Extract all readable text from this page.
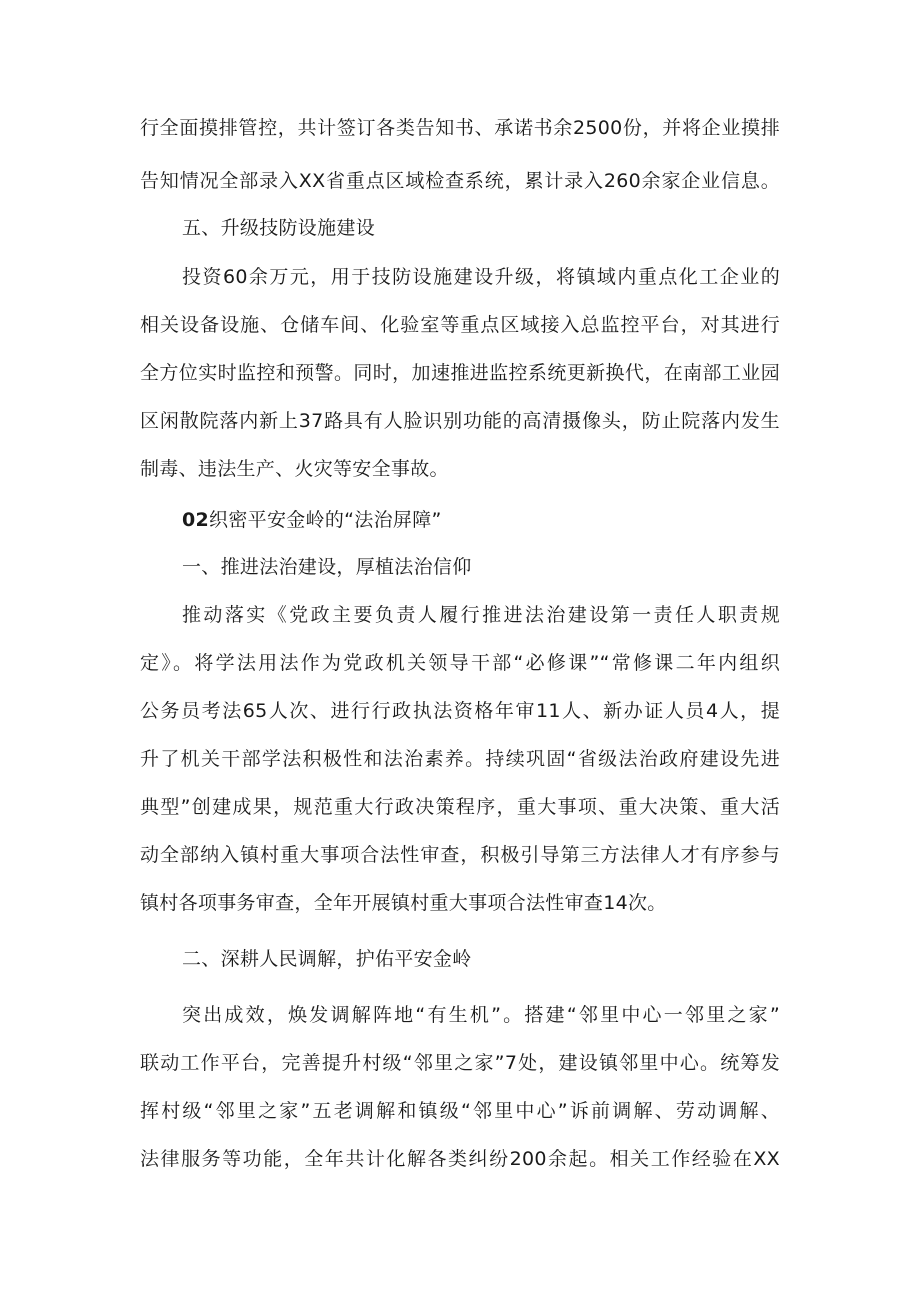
行全面摸排管控，共计签订各类告知书、承诺书余2500份，并将企业摸排
告知情况全部录入XX省重点区域检查系统，累计录入260余家企业信息。
五、升级技防设施建设
投资60余万元，用于技防设施建设升级，将镇域内重点化工企业的
相关设备设施、仓储车间、化验室等重点区域接入总监控平台，对其进行
全方位实时监控和预警。同时，加速推进监控系统更新换代，在南部工业园
区闲散院落内新上37路具有人脸识别功能的高清摄像头，防止院落内发生
制毒、违法生产、火灾等安全事故。
02织密平安金岭的“法治屏障”
一、推进法治建设，厚植法治信仰
推动落实《党政主要负责人履行推进法治建设第一责任人职责规
定》。将学法用法作为党政机关领导干部“必修课”“常修课二年内组织
公务员考法65人次、进行行政执法资格年审11人、新办证人员4人，提
升了机关干部学法积极性和法治素养。持续巩固“省级法治政府建设先进
典型”创建成果，规范重大行政决策程序，重大事项、重大决策、重大活
动全部纳入镇村重大事项合法性审查，积极引导第三方法律人才有序参与
镇村各项事务审查，全年开展镇村重大事项合法性审查14次。
二、深耕人民调解，护佑平安金岭
突出成效，焕发调解阵地“有生机”。搭建“邻里中心一邻里之家”
联动工作平台，完善提升村级“邻里之家”7处，建设镇邻里中心。统筹发
挥村级“邻里之家”五老调解和镇级“邻里中心”诉前调解、劳动调解、
法律服务等功能，全年共计化解各类纠纷200余起。相关工作经验在XX
